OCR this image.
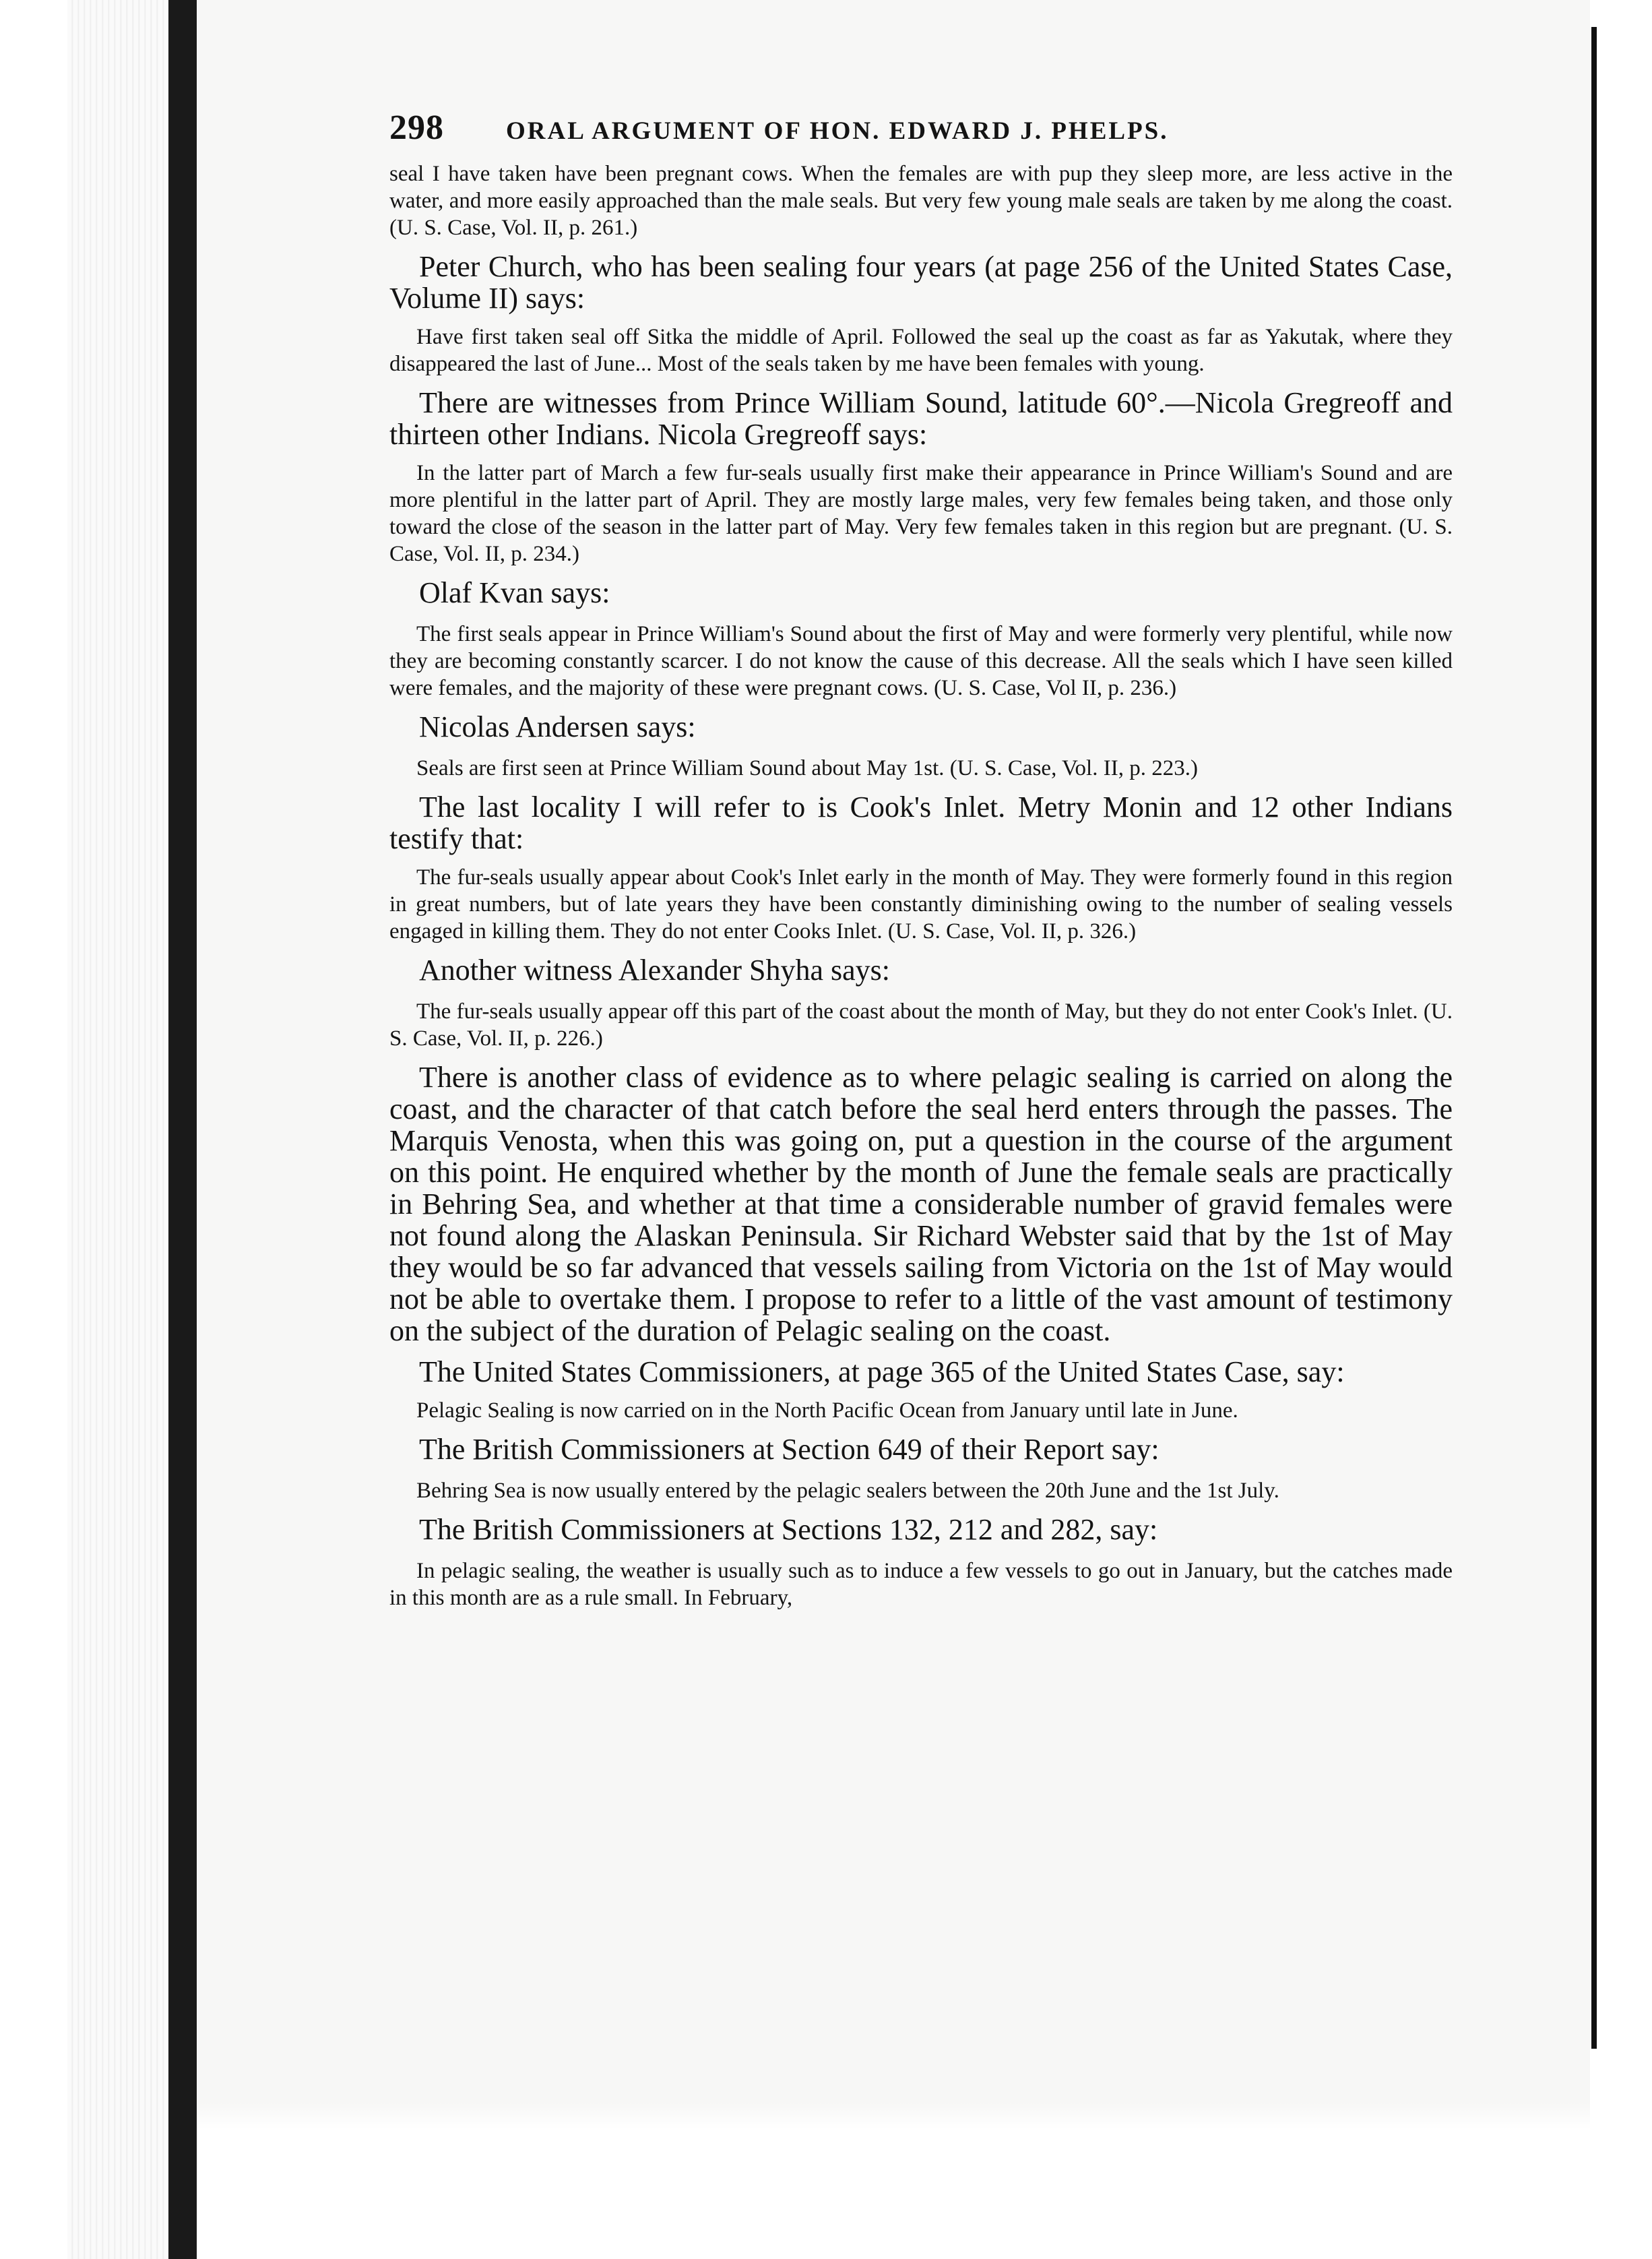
298 ORAL ARGUMENT OF HON. EDWARD J. PHELPS.

seal I have taken have been pregnant cows. When the females are with pup they sleep more, are less active in the water, and more easily approached than the male seals. But very few young male seals are taken by me along the coast. (U. S. Case, Vol. II, p. 261.)

Peter Church, who has been sealing four years (at page 256 of the United States Case, Volume II) says:

Have first taken seal off Sitka the middle of April. Followed the seal up the coast as far as Yakutak, where they disappeared the last of June... Most of the seals taken by me have been females with young.

There are witnesses from Prince William Sound, latitude 60°.—Nicola Gregreoff and thirteen other Indians. Nicola Gregreoff says:

In the latter part of March a few fur-seals usually first make their appearance in Prince William's Sound and are more plentiful in the latter part of April. They are mostly large males, very few females being taken, and those only toward the close of the season in the latter part of May. Very few females taken in this region but are pregnant. (U. S. Case, Vol. II, p. 234.)

Olaf Kvan says:

The first seals appear in Prince William's Sound about the first of May and were formerly very plentiful, while now they are becoming constantly scarcer. I do not know the cause of this decrease. All the seals which I have seen killed were females, and the majority of these were pregnant cows. (U. S. Case, Vol II, p. 236.)

Nicolas Andersen says:

Seals are first seen at Prince William Sound about May 1st. (U. S. Case, Vol. II, p. 223.)

The last locality I will refer to is Cook's Inlet. Metry Monin and 12 other Indians testify that:

The fur-seals usually appear about Cook's Inlet early in the month of May. They were formerly found in this region in great numbers, but of late years they have been constantly diminishing owing to the number of sealing vessels engaged in killing them. They do not enter Cooks Inlet. (U. S. Case, Vol. II, p. 326.)

Another witness Alexander Shyha says:

The fur-seals usually appear off this part of the coast about the month of May, but they do not enter Cook's Inlet. (U. S. Case, Vol. II, p. 226.)

There is another class of evidence as to where pelagic sealing is carried on along the coast, and the character of that catch before the seal herd enters through the passes. The Marquis Venosta, when this was going on, put a question in the course of the argument on this point. He enquired whether by the month of June the female seals are practically in Behring Sea, and whether at that time a considerable number of gravid females were not found along the Alaskan Peninsula. Sir Richard Webster said that by the 1st of May they would be so far advanced that vessels sailing from Victoria on the 1st of May would not be able to overtake them. I propose to refer to a little of the vast amount of testimony on the subject of the duration of Pelagic sealing on the coast.

The United States Commissioners, at page 365 of the United States Case, say:

Pelagic Sealing is now carried on in the North Pacific Ocean from January until late in June.

The British Commissioners at Section 649 of their Report say:

Behring Sea is now usually entered by the pelagic sealers between the 20th June and the 1st July.

The British Commissioners at Sections 132, 212 and 282, say:

In pelagic sealing, the weather is usually such as to induce a few vessels to go out in January, but the catches made in this month are as a rule small. In February,
